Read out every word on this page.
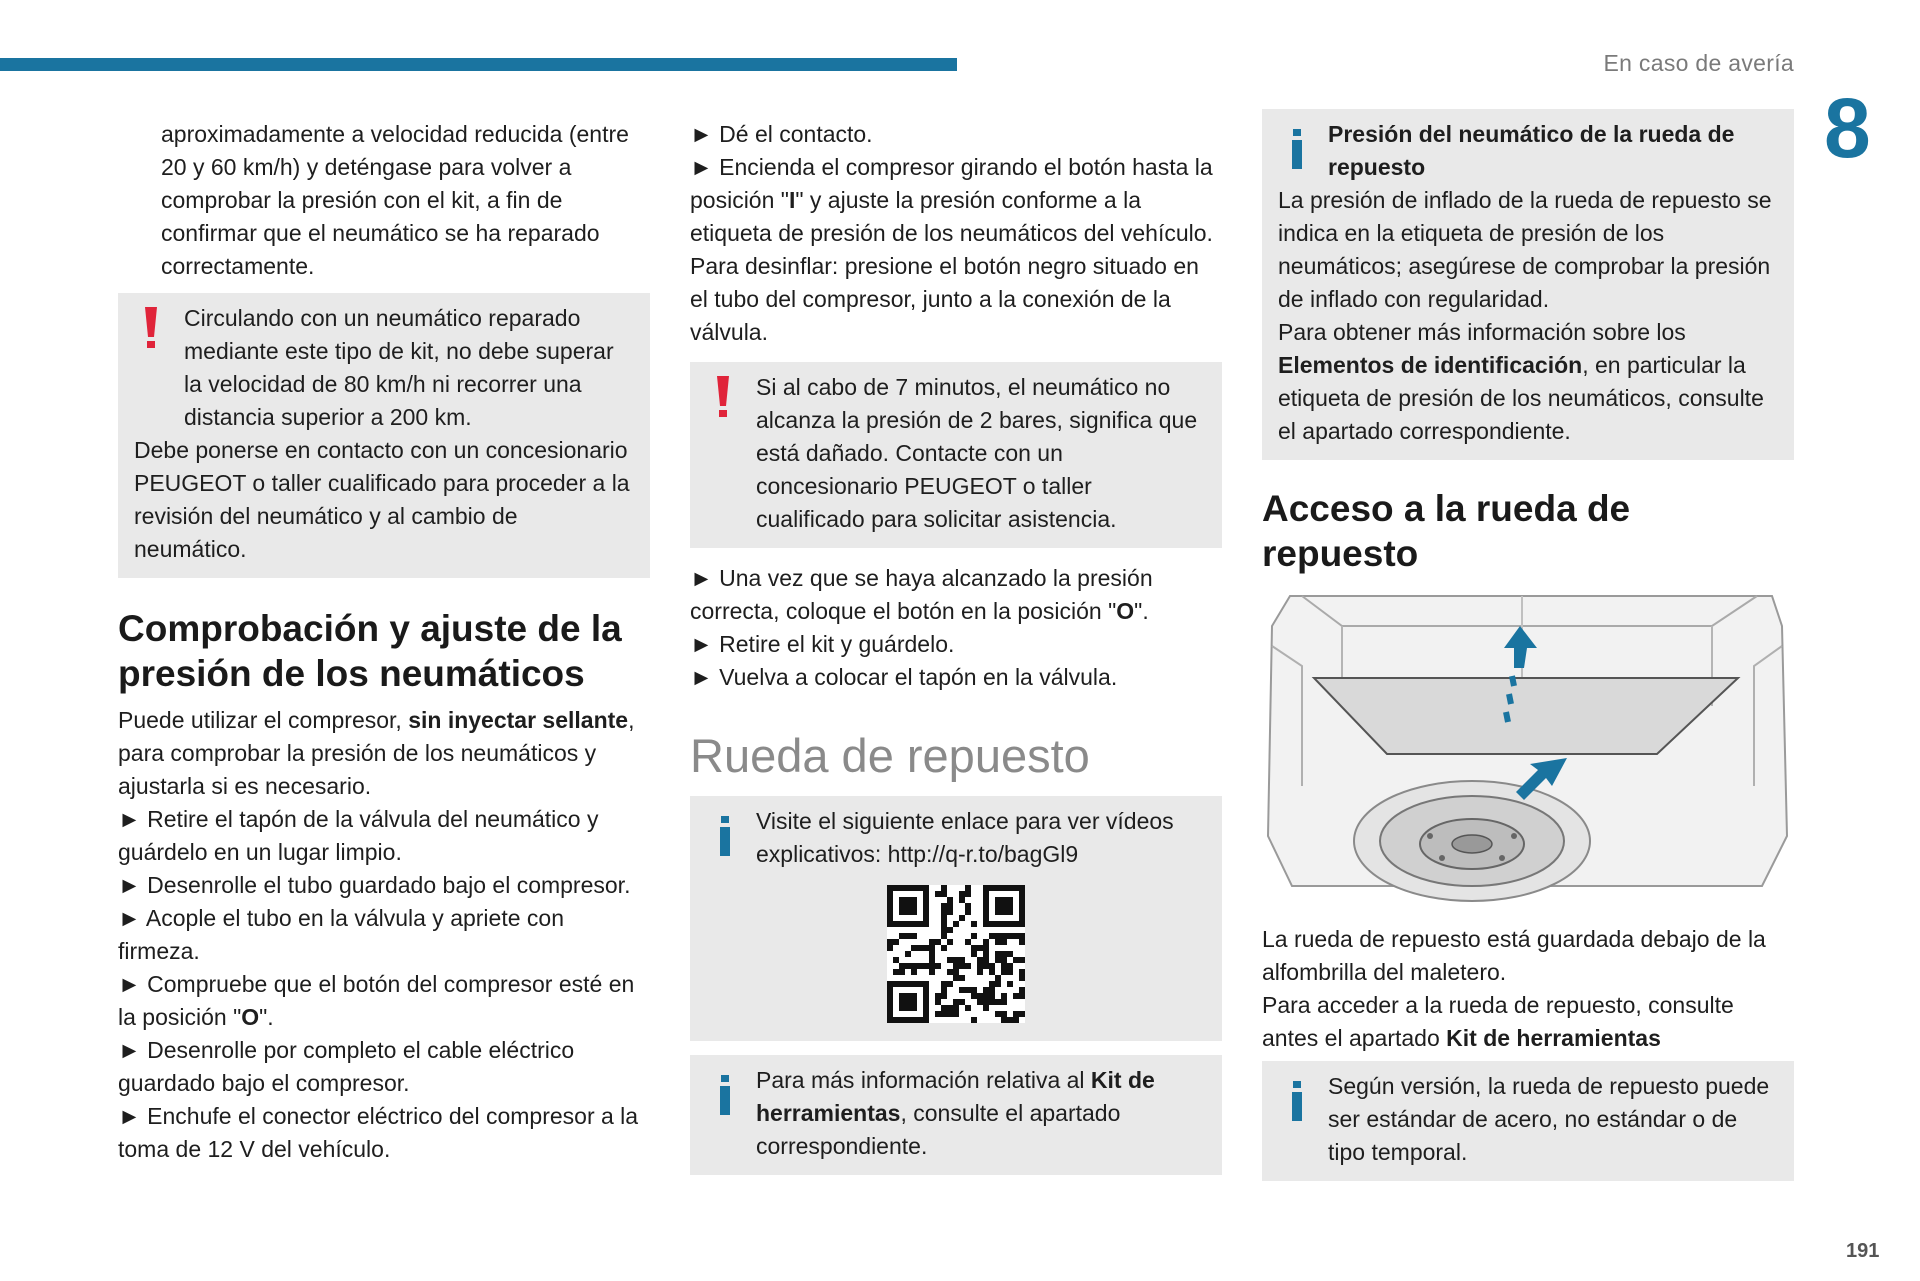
En caso de avería
8
191

aproximadamente a velocidad reducida (entre 20 y 60 km/h) y deténgase para volver a comprobar la presión con el kit, a fin de confirmar que el neumático se ha reparado correctamente.

Circulando con un neumático reparado mediante este tipo de kit, no debe superar la velocidad de 80 km/h ni recorrer una distancia superior a 200 km.

Debe ponerse en contacto con un concesionario PEUGEOT o taller cualificado para proceder a la revisión del neumático y al cambio de neumático.

Comprobación y ajuste de la presión de los neumáticos

Puede utilizar el compresor, sin inyectar sellante, para comprobar la presión de los neumáticos y ajustarla si es necesario.

► Retire el tapón de la válvula del neumático y guárdelo en un lugar limpio.

► Desenrolle el tubo guardado bajo el compresor.

► Acople el tubo en la válvula y apriete con firmeza.

► Compruebe que el botón del compresor esté en la posición "O".

► Desenrolle por completo el cable eléctrico guardado bajo el compresor.

► Enchufe el conector eléctrico del compresor a la toma de 12 V del vehículo.

► Dé el contacto.

► Encienda el compresor girando el botón hasta la posición "I" y ajuste la presión conforme a la etiqueta de presión de los neumáticos del vehículo. Para desinflar: presione el botón negro situado en el tubo del compresor, junto a la conexión de la válvula.

Si al cabo de 7 minutos, el neumático no alcanza la presión de 2 bares, significa que está dañado. Contacte con un concesionario PEUGEOT o taller cualificado para solicitar asistencia.

► Una vez que se haya alcanzado la presión correcta, coloque el botón en la posición "O".

► Retire el kit y guárdelo.

► Vuelva a colocar el tapón en la válvula.

Rueda de repuesto

Visite el siguiente enlace para ver vídeos explicativos: http://q-r.to/bagGl9

Para más información relativa al Kit de herramientas, consulte el apartado correspondiente.

Presión del neumático de la rueda de repuesto

La presión de inflado de la rueda de repuesto se indica en la etiqueta de presión de los neumáticos; asegúrese de comprobar la presión de inflado con regularidad.

Para obtener más información sobre los Elementos de identificación, en particular la etiqueta de presión de los neumáticos, consulte el apartado correspondiente.

Acceso a la rueda de repuesto

La rueda de repuesto está guardada debajo de la alfombrilla del maletero.

Para acceder a la rueda de repuesto, consulte antes el apartado Kit de herramientas

Según versión, la rueda de repuesto puede ser estándar de acero, no estándar o de tipo temporal.
